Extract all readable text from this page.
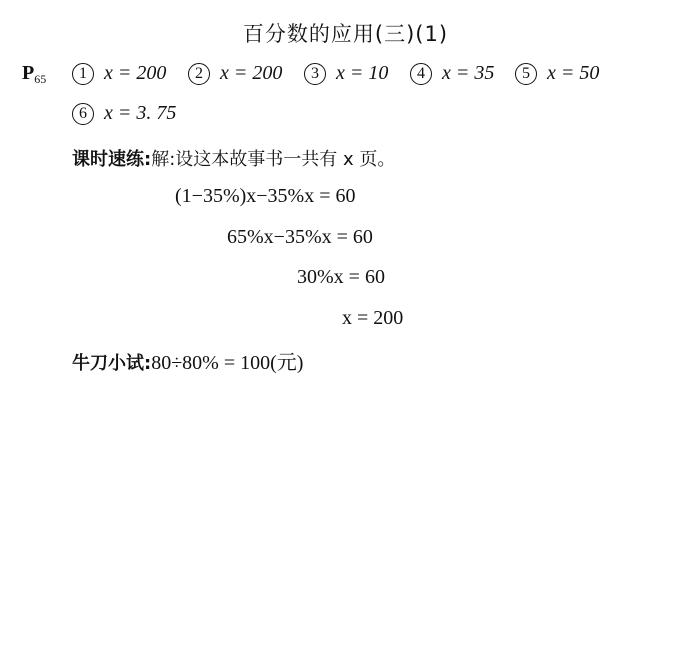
百分数的应用(三)(1)
$P_{65}$	1 x = 200	2 x = 200	3 x = 10	4 x = 35	5 x = 50
6 x = 3. 75
课时速练:解:设这本故事书一共有 x 页。
(1−35%)x−35%x = 60
65%x−35%x = 60
30%x = 60
x = 200
牛刀小试:80÷80% = 100(元)
